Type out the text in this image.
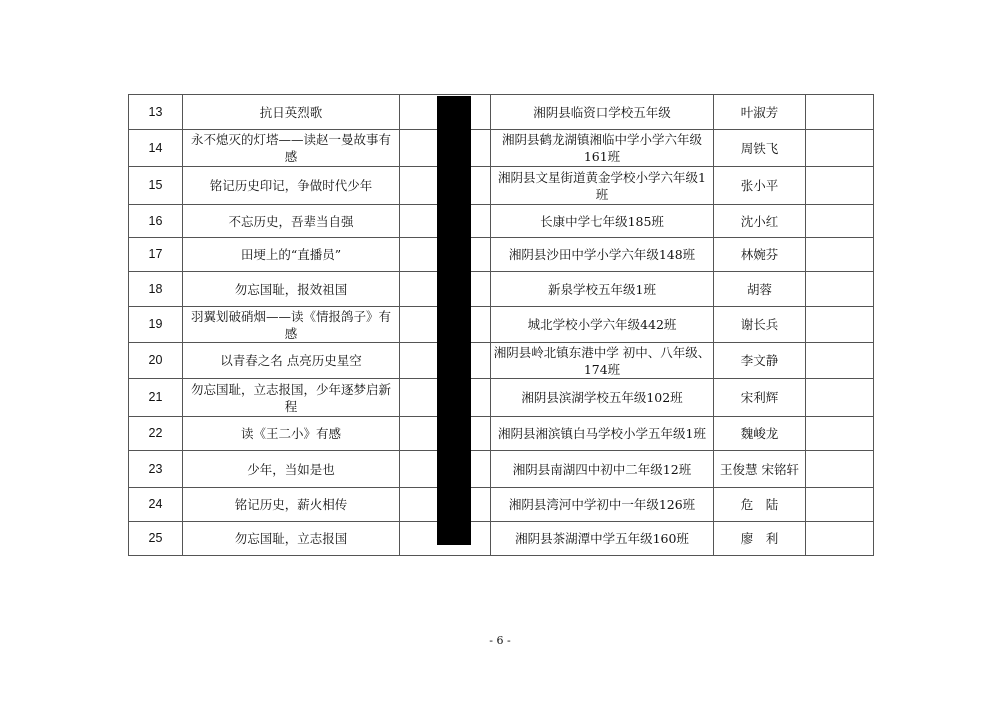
13	抗日英烈歌		湘阴县临资口学校五年级	叶淑芳	
14	永不熄灭的灯塔——读赵一曼故事有感		湘阴县鹤龙湖镇湘临中学小学六年级161班	周铁飞	
15	铭记历史印记，争做时代少年		湘阴县文星街道黄金学校小学六年级1班	张小平	
16	不忘历史，吾辈当自强		长康中学七年级185班	沈小红	
17	田埂上的“直播员”		湘阴县沙田中学小学六年级148班	林婉芬	
18	勿忘国耻，报效祖国		新泉学校五年级1班	胡蓉	
19	羽翼划破硝烟——读《情报鸽子》有感		城北学校小学六年级442班	谢长兵	
20	以青春之名 点亮历史星空		湘阴县岭北镇东港中学 初中、八年级、174班	李文静	
21	勿忘国耻，立志报国，少年逐梦启新程		湘阴县滨湖学校五年级102班	宋利辉	
22	读《王二小》有感		湘阴县湘滨镇白马学校小学五年级1班	魏峻龙	
23	少年，当如是也		湘阴县南湖四中初中二年级12班	王俊慧 宋铭轩	
24	铭记历史，薪火相传		湘阴县湾河中学初中一年级126班	危　陆	
25	勿忘国耻，立志报国		湘阴县茶湖潭中学五年级160班	廖　利	
- 6 -
